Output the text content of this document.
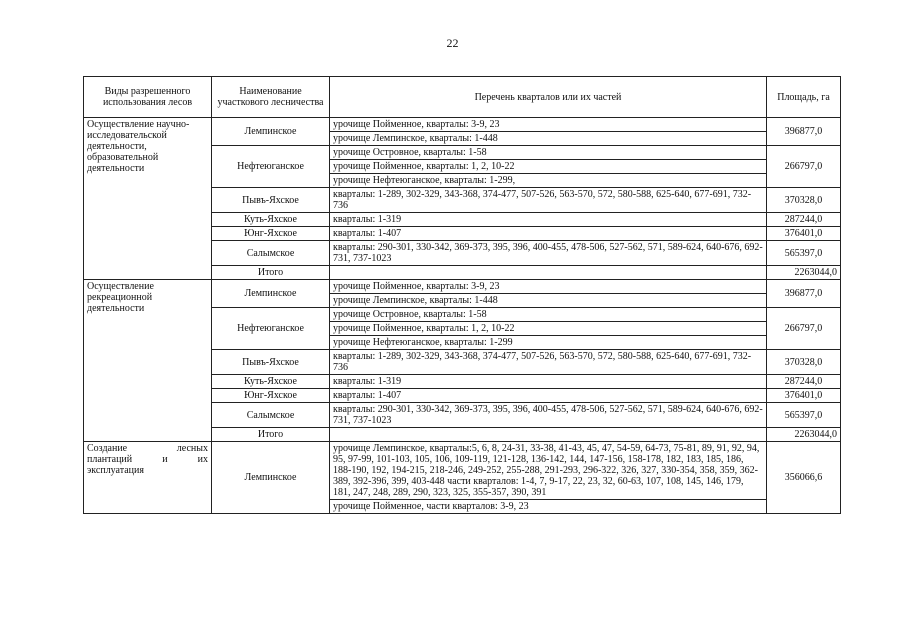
22
Виды разрешенного использования лесов	Наименование участкового лесничества	Перечень кварталов или их частей	Площадь, га
Осуществление научно-исследовательской деятельности, образовательной деятельности	Лемпинское	урочище Пойменное, кварталы: 3-9, 23	396877,0
		урочище Лемпинское, кварталы: 1-448	
	Нефтеюганское	урочище Островное, кварталы: 1-58	266797,0
		урочище Пойменное, кварталы: 1, 2, 10-22	
		урочище Нефтеюганское, кварталы: 1-299,	
	Пывъ-Яхское	кварталы: 1-289, 302-329, 343-368, 374-477, 507-526, 563-570, 572, 580-588, 625-640, 677-691, 732-736	370328,0
	Куть-Яхское	кварталы: 1-319	287244,0
	Юнг-Яхское	кварталы: 1-407	376401,0
	Салымское	кварталы: 290-301, 330-342, 369-373, 395, 396, 400-455, 478-506, 527-562, 571, 589-624, 640-676, 692-731, 737-1023	565397,0
	Итого		2263044,0
Осуществление рекреационной деятельности	Лемпинское	урочище Пойменное, кварталы: 3-9, 23	396877,0
		урочище Лемпинское, кварталы: 1-448	
	Нефтеюганское	урочище Островное, кварталы: 1-58	266797,0
		урочище Пойменное, кварталы: 1, 2, 10-22	
		урочище Нефтеюганское, кварталы: 1-299	
	Пывъ-Яхское	кварталы: 1-289, 302-329, 343-368, 374-477, 507-526, 563-570, 572, 580-588, 625-640, 677-691, 732-736	370328,0
	Куть-Яхское	кварталы: 1-319	287244,0
	Юнг-Яхское	кварталы: 1-407	376401,0
	Салымское	кварталы: 290-301, 330-342, 369-373, 395, 396, 400-455, 478-506, 527-562, 571, 589-624, 640-676, 692-731, 737-1023	565397,0
	Итого		2263044,0
Создание лесных плантаций и их эксплуатация	Лемпинское	урочище Лемпинское, кварталы:5, 6, 8, 24-31, 33-38, 41-43, 45, 47, 54-59, 64-73, 75-81, 89, 91, 92, 94, 95, 97-99, 101-103, 105, 106, 109-119, 121-128, 136-142, 144, 147-156, 158-178, 182, 183, 185, 186, 188-190, 192, 194-215, 218-246, 249-252, 255-288, 291-293, 296-322, 326, 327, 330-354, 358, 359, 362-389, 392-396, 399, 403-448 части кварталов: 1-4, 7, 9-17, 22, 23, 32, 60-63, 107, 108, 145, 146, 179, 181, 247, 248, 289, 290, 323, 325, 355-357, 390, 391	356066,6
		урочище Пойменное, части кварталов: 3-9, 23	
